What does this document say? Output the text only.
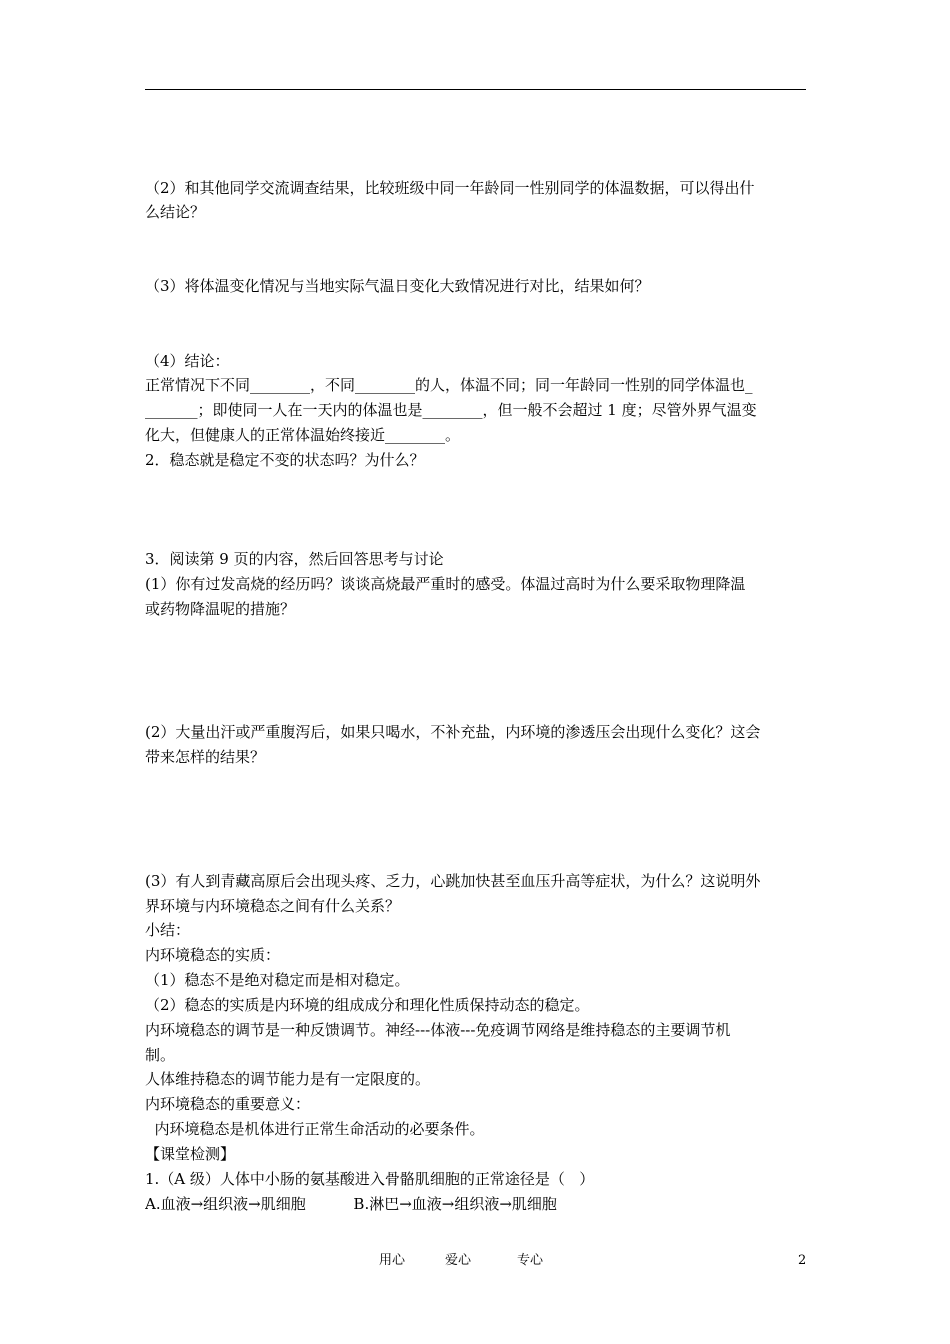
（2）和其他同学交流调查结果，比较班级中同一年龄同一性别同学的体温数据，可以得出什
么结论？
（3）将体温变化情况与当地实际气温日变化大致情况进行对比，结果如何？
（4）结论：
正常情况下不同________，不同________的人，体温不同；同一年龄同一性别的同学体温也_
_______；即使同一人在一天内的体温也是________，但一般不会超过 1 度；尽管外界气温变
化大，但健康人的正常体温始终接近________。
2．稳态就是稳定不变的状态吗？为什么？
3．阅读第 9 页的内容，然后回答思考与讨论
(1）你有过发高烧的经历吗？谈谈高烧最严重时的感受。体温过高时为什么要采取物理降温
或药物降温呢的措施？
(2）大量出汗或严重腹泻后，如果只喝水，不补充盐，内环境的渗透压会出现什么变化？这会
带来怎样的结果？
(3）有人到青藏高原后会出现头疼、乏力，心跳加快甚至血压升高等症状，为什么？这说明外
界环境与内环境稳态之间有什么关系？
小结：
内环境稳态的实质：
（1）稳态不是绝对稳定而是相对稳定。
（2）稳态的实质是内环境的组成成分和理化性质保持动态的稳定。
内环境稳态的调节是一种反馈调节。神经---体液---免疫调节网络是维持稳态的主要调节机
制。
人体维持稳态的调节能力是有一定限度的。
内环境稳态的重要意义：
内环境稳态是机体进行正常生命活动的必要条件。
【课堂检测】
1.（A 级）人体中小肠的氨基酸进入骨骼肌细胞的正常途径是（   ）
A.血液→组织液→肌细胞          B.淋巴→血液→组织液→肌细胞
用心	爱心	专心	2
